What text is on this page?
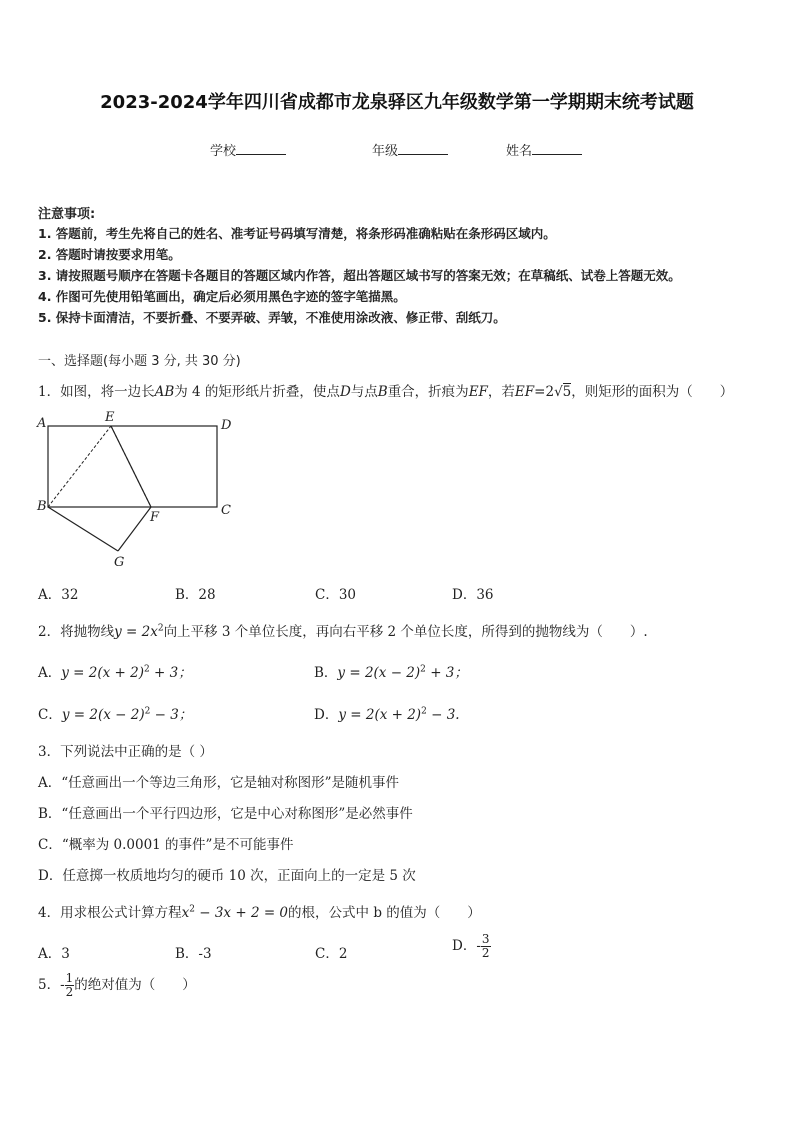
2023-2024学年四川省成都市龙泉驿区九年级数学第一学期期末统考试题
学校	年级	姓名
注意事项:
1. 答题前，考生先将自己的姓名、准考证号码填写清楚，将条形码准确粘贴在条形码区域内。
2. 答题时请按要求用笔。
3. 请按照题号顺序在答题卡各题目的答题区域内作答，超出答题区域书写的答案无效；在草稿纸、试卷上答题无效。
4. 作图可先使用铅笔画出，确定后必须用黑色字迹的签字笔描黑。
5. 保持卡面清洁，不要折叠、不要弄破、弄皱，不准使用涂改液、修正带、刮纸刀。
一、选择题(每小题 3 分, 共 30 分)
1．如图，将一边长AB为 4 的矩形纸片折叠，使点D与点B重合，折痕为EF，若EF=2√5，则矩形的面积为（　　）
A	E
D
B
F	C
G
A．32	B．28	C．30	D．36
2．将抛物线$y = 2x^2$向上平移 3 个单位长度，再向右平移 2 个单位长度，所得到的抛物线为（　　）.
A．$y = 2(x + 2)^2 + 3$；	B．$y = 2(x - 2)^2 + 3$；
C．$y = 2(x - 2)^2 - 3$；	D．$y = 2(x + 2)^2 - 3$.
3．下列说法中正确的是（ ）
A．“任意画出一个等边三角形，它是轴对称图形”是随机事件
B．“任意画出一个平行四边形，它是中心对称图形”是必然事件
C．“概率为 0.0001 的事件”是不可能事件
D．任意掷一枚质地均匀的硬币 10 次，正面向上的一定是 5 次
4．用求根公式计算方程$x^2 - 3x + 2 = 0$的根，公式中 b 的值为（　　）
A．3	B．-3	C．2	D．- $\frac{3}{2}$
5．- $\frac{1}{2}$ 的绝对值为（　　）
